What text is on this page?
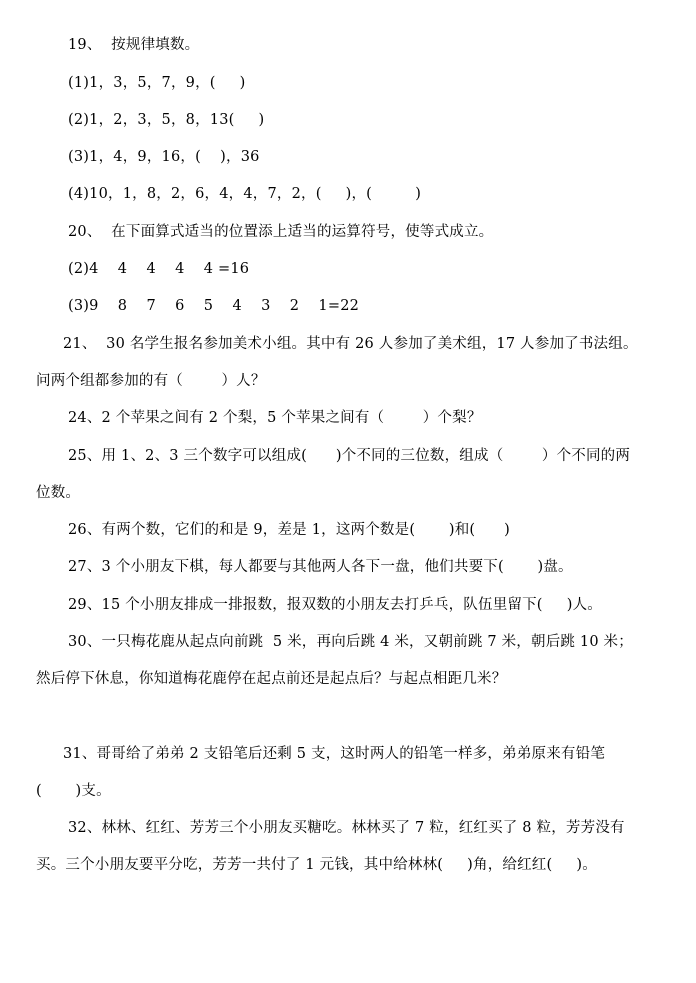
19、  按规律填数。
(1)1，3，5，7，9，(     )
(2)1，2，3，5，8，13(     )
(3)1，4，9，16，(    )，36
(4)10，1，8，2，6，4，4，7，2，(     )，(         )
20、  在下面算式适当的位置添上适当的运算符号，使等式成立。
(2)4    4    4    4    4 =16
(3)9    8    7    6    5    4    3    2    1=22
21、  30 名学生报名参加美术小组。其中有 26 人参加了美术组，17 人参加了书法组。
问两个组都参加的有（        ）人？
24、2 个苹果之间有 2 个梨，5 个苹果之间有（        ）个梨？
25、用 1、2、3 三个数字可以组成(      )个不同的三位数，组成（        ）个不同的两
位数。
26、有两个数，它们的和是 9，差是 1，这两个数是(       )和(      )
27、3 个小朋友下棋，每人都要与其他两人各下一盘，他们共要下(       )盘。
29、15 个小朋友排成一排报数，报双数的小朋友去打乒乓，队伍里留下(     )人。
30、一只梅花鹿从起点向前跳  5 米，再向后跳 4 米，又朝前跳 7 米，朝后跳 10 米；
然后停下休息，你知道梅花鹿停在起点前还是起点后？与起点相距几米？
31、哥哥给了弟弟 2 支铅笔后还剩 5 支，这时两人的铅笔一样多，弟弟原来有铅笔
(       )支。
32、林林、红红、芳芳三个小朋友买糖吃。林林买了 7 粒，红红买了 8 粒，芳芳没有
买。三个小朋友要平分吃，芳芳一共付了 1 元钱，其中给林林(     )角，给红红(     )。
